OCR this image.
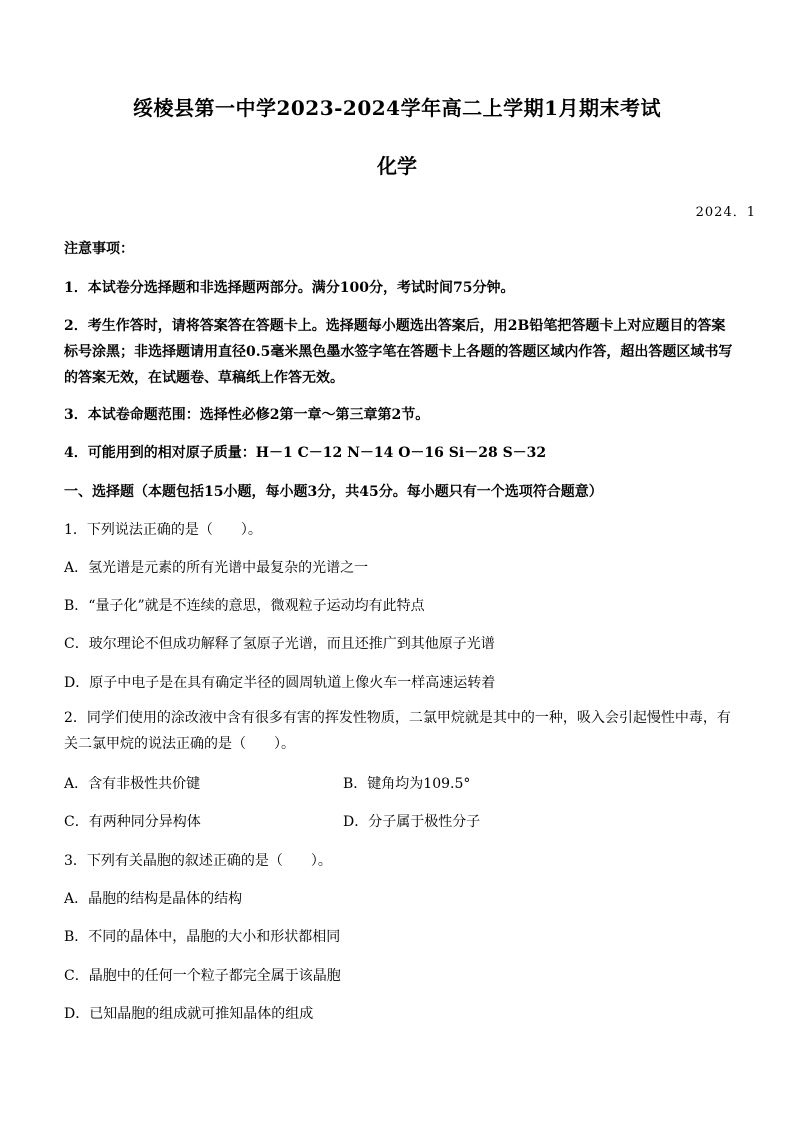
绥棱县第一中学2023-2024学年高二上学期1月期末考试
化学
2024．1
注意事项：
1．本试卷分选择题和非选择题两部分。满分100分，考试时间75分钟。
2．考生作答时，请将答案答在答题卡上。选择题每小题选出答案后，用2B铅笔把答题卡上对应题目的答案标号涂黑；非选择题请用直径0.5毫米黑色墨水签字笔在答题卡上各题的答题区域内作答，超出答题区域书写的答案无效，在试题卷、草稿纸上作答无效。
3．本试卷命题范围：选择性必修2第一章～第三章第2节。
4．可能用到的相对原子质量：H－1 C－12 N－14 O－16 Si－28 S－32
一、选择题（本题包括15小题，每小题3分，共45分。每小题只有一个选项符合题意）
1．下列说法正确的是（　　）。
A．氢光谱是元素的所有光谱中最复杂的光谱之一
B．“量子化”就是不连续的意思，微观粒子运动均有此特点
C．玻尔理论不但成功解释了氢原子光谱，而且还推广到其他原子光谱
D．原子中电子是在具有确定半径的圆周轨道上像火车一样高速运转着
2．同学们使用的涂改液中含有很多有害的挥发性物质，二氯甲烷就是其中的一种，吸入会引起慢性中毒，有关二氯甲烷的说法正确的是（　　）。
A．含有非极性共价键	B．键角均为109.5°
C．有两种同分异构体	D．分子属于极性分子
3．下列有关晶胞的叙述正确的是（　　）。
A．晶胞的结构是晶体的结构
B．不同的晶体中，晶胞的大小和形状都相同
C．晶胞中的任何一个粒子都完全属于该晶胞
D．已知晶胞的组成就可推知晶体的组成
